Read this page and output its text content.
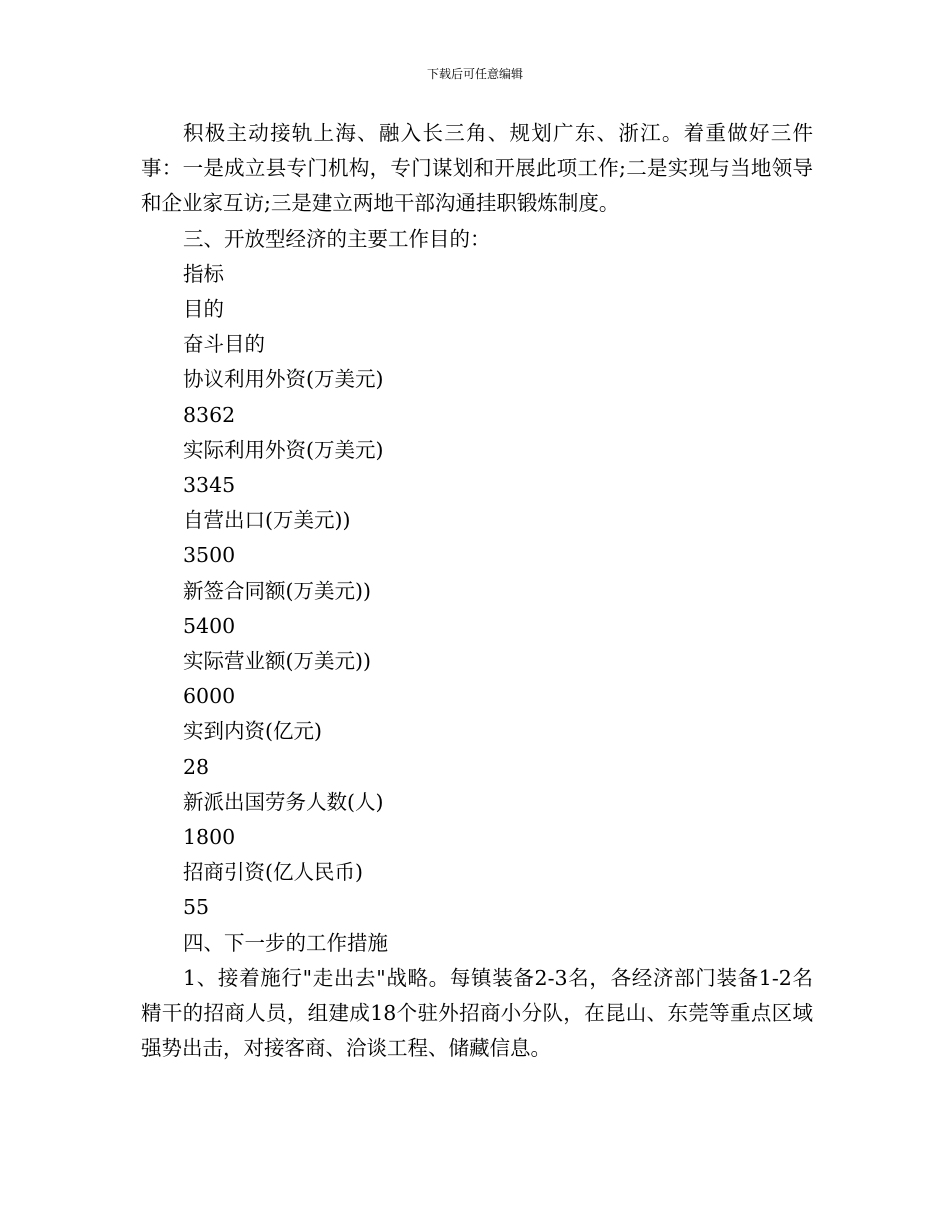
下载后可任意编辑

积极主动接轨上海、融入长三角、规划广东、浙江。着重做好三件事：一是成立县专门机构，专门谋划和开展此项工作;二是实现与当地领导和企业家互访;三是建立两地干部沟通挂职锻炼制度。

三、开放型经济的主要工作目的：

指标

目的

奋斗目的

协议利用外资(万美元)

8362

实际利用外资(万美元)

3345

自营出口(万美元))

3500

新签合同额(万美元))

5400

实际营业额(万美元))

6000

实到内资(亿元)

28

新派出国劳务人数(人)

1800

招商引资(亿人民币)

55

四、下一步的工作措施

1、接着施行"走出去"战略。每镇装备2-3名，各经济部门装备1-2名精干的招商人员，组建成18个驻外招商小分队，在昆山、东莞等重点区域强势出击，对接客商、洽谈工程、储藏信息。
